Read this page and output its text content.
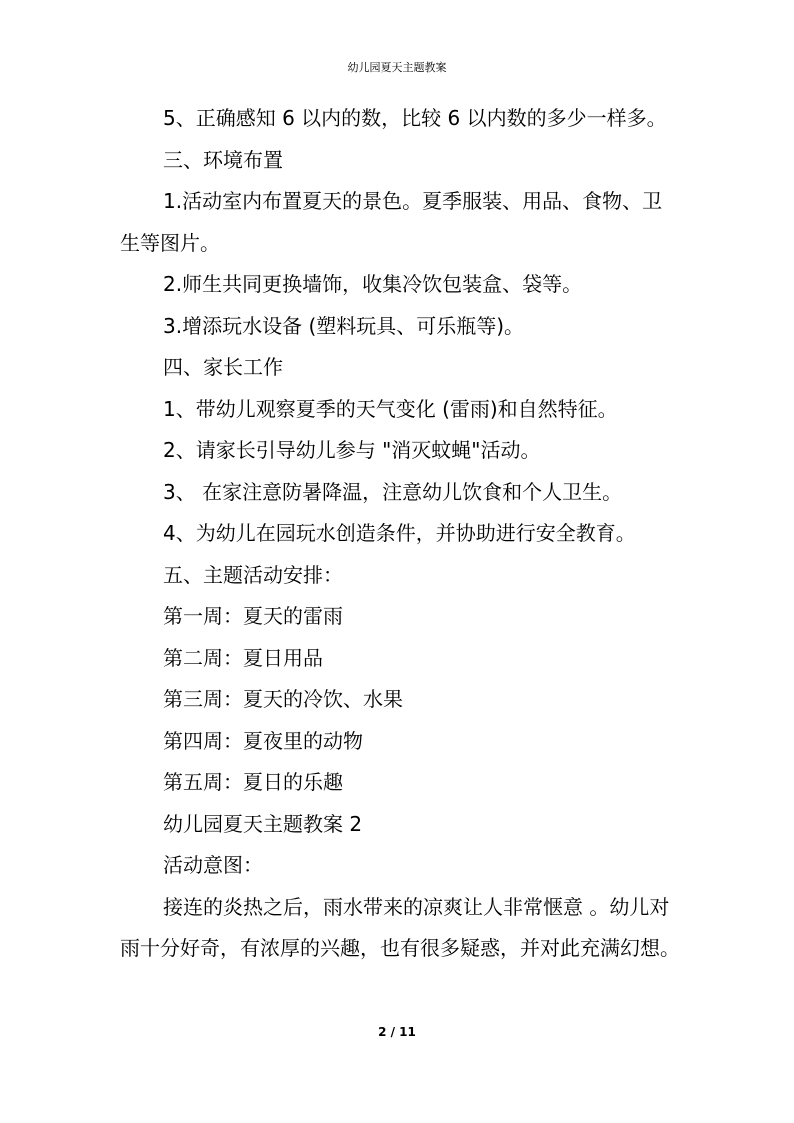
幼儿园夏天主题教案

5、正确感知 6 以内的数，比较 6 以内数的多少一样多。

三、环境布置

1.活动室内布置夏天的景色。夏季服装、用品、食物、卫生等图片。

2.师生共同更换墙饰，收集冷饮包装盒、袋等。

3.增添玩水设备 (塑料玩具、可乐瓶等)。

四、家长工作

1、带幼儿观察夏季的天气变化 (雷雨)和自然特征。

2、请家长引导幼儿参与 "消灭蚊蝇"活动。

3、 在家注意防暑降温，注意幼儿饮食和个人卫生。

4、为幼儿在园玩水创造条件，并协助进行安全教育。

五、主题活动安排：

第一周：夏天的雷雨

第二周：夏日用品

第三周：夏天的冷饮、水果

第四周：夏夜里的动物

第五周：夏日的乐趣

幼儿园夏天主题教案 2

活动意图：

接连的炎热之后，雨水带来的凉爽让人非常惬意 。幼儿对雨十分好奇，有浓厚的兴趣，也有很多疑惑，并对此充满幻想。

2 / 11
